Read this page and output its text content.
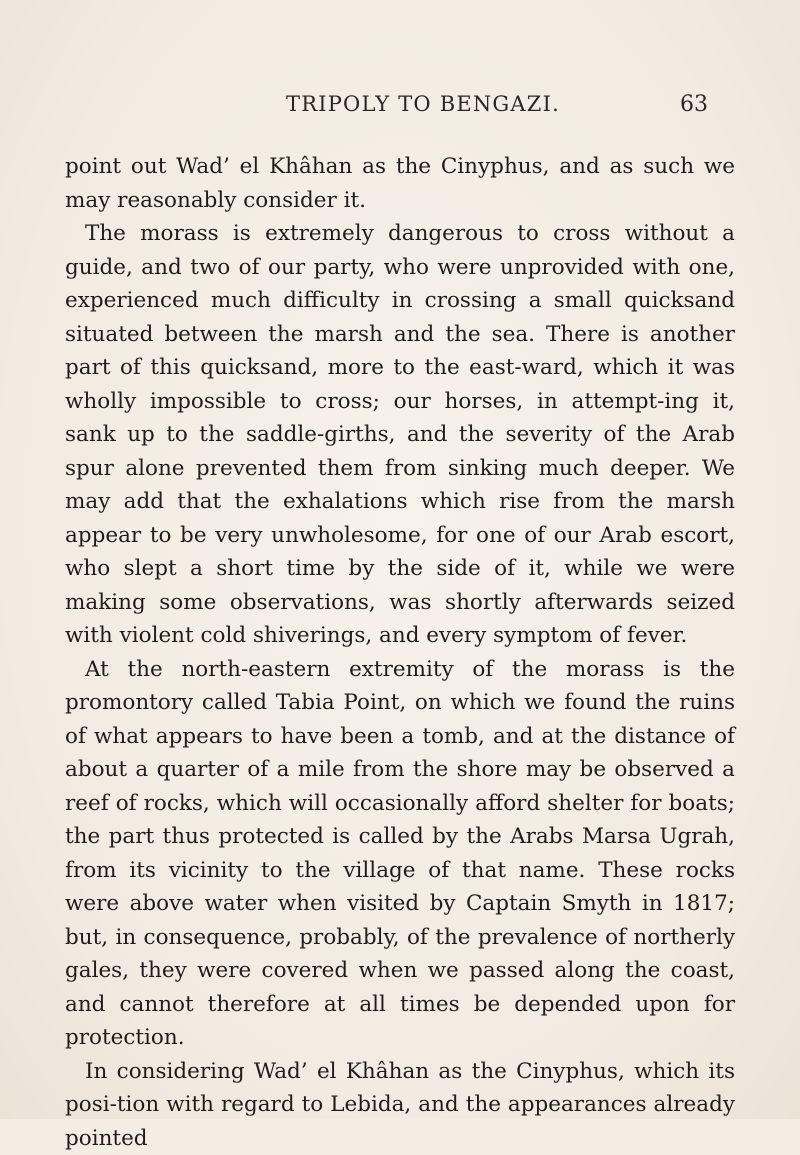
TRIPOLY TO BENGAZI.	63

point out Wad’ el Khâhan as the Cinyphus, and as such we may reasonably consider it.

The morass is extremely dangerous to cross without a guide, and two of our party, who were unprovided with one, experienced much difficulty in crossing a small quicksand situated between the marsh and the sea. There is another part of this quicksand, more to the east-ward, which it was wholly impossible to cross; our horses, in attempt-ing it, sank up to the saddle-girths, and the severity of the Arab spur alone prevented them from sinking much deeper. We may add that the exhalations which rise from the marsh appear to be very unwholesome, for one of our Arab escort, who slept a short time by the side of it, while we were making some observations, was shortly afterwards seized with violent cold shiverings, and every symptom of fever.

At the north-eastern extremity of the morass is the promontory called Tabia Point, on which we found the ruins of what appears to have been a tomb, and at the distance of about a quarter of a mile from the shore may be observed a reef of rocks, which will occasionally afford shelter for boats; the part thus protected is called by the Arabs Marsa Ugrah, from its vicinity to the village of that name. These rocks were above water when visited by Captain Smyth in 1817; but, in consequence, probably, of the prevalence of northerly gales, they were covered when we passed along the coast, and cannot therefore at all times be depended upon for protection.

In considering Wad’ el Khâhan as the Cinyphus, which its posi-tion with regard to Lebida, and the appearances already pointed
